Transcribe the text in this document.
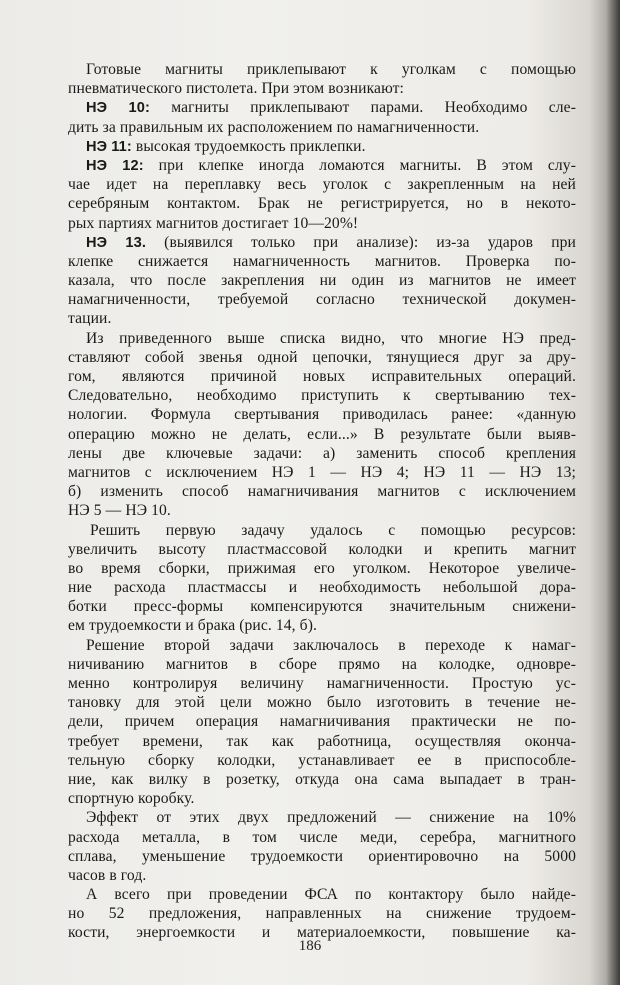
Готовые магниты приклепывают к уголкам с помощью
пневматического пистолета. При этом возникают:
НЭ 10: магниты приклепывают парами. Необходимо сле-
дить за правильным их расположением по намагниченности.
НЭ 11: высокая трудоемкость приклепки.
НЭ 12: при клепке иногда ломаются магниты. В этом слу-
чае идет на переплавку весь уголок с закрепленным на ней
серебряным контактом. Брак не регистрируется, но в некото-
рых партиях магнитов достигает 10—20%!
НЭ 13. (выявился только при анализе): из-за ударов при
клепке снижается намагниченность магнитов. Проверка по-
казала, что после закрепления ни один из магнитов не имеет
намагниченности, требуемой согласно технической докумен-
тации.
Из приведенного выше списка видно, что многие НЭ пред-
ставляют собой звенья одной цепочки, тянущиеся друг за дру-
гом, являются причиной новых исправительных операций.
Следовательно, необходимо приступить к свертыванию тех-
нологии. Формула свертывания приводилась ранее: «данную
операцию можно не делать, если...» В результате были выяв-
лены две ключевые задачи: а) заменить способ крепления
магнитов с исключением НЭ 1 — НЭ 4; НЭ 11 — НЭ 13;
б) изменить способ намагничивания магнитов с исключением
НЭ 5 — НЭ 10.
Решить первую задачу удалось с помощью ресурсов:
увеличить высоту пластмассовой колодки и крепить магнит
во время сборки, прижимая его уголком. Некоторое увеличе-
ние расхода пластмассы и необходимость небольшой дора-
ботки пресс-формы компенсируются значительным снижени-
ем трудоемкости и брака (рис. 14, б).
Решение второй задачи заключалось в переходе к намаг-
ничиванию магнитов в сборе прямо на колодке, одновре-
менно контролируя величину намагниченности. Простую ус-
тановку для этой цели можно было изготовить в течение не-
дели, причем операция намагничивания практически не по-
требует времени, так как работница, осуществляя оконча-
тельную сборку колодки, устанавливает ее в приспособле-
ние, как вилку в розетку, откуда она сама выпадает в тран-
спортную коробку.
Эффект от этих двух предложений — снижение на 10%
расхода металла, в том числе меди, серебра, магнитного
сплава, уменьшение трудоемкости ориентировочно на 5000
часов в год.
А всего при проведении ФСА по контактору было найде-
но 52 предложения, направленных на снижение трудоем-
кости, энергоемкости и материалоемкости, повышение ка-
186
